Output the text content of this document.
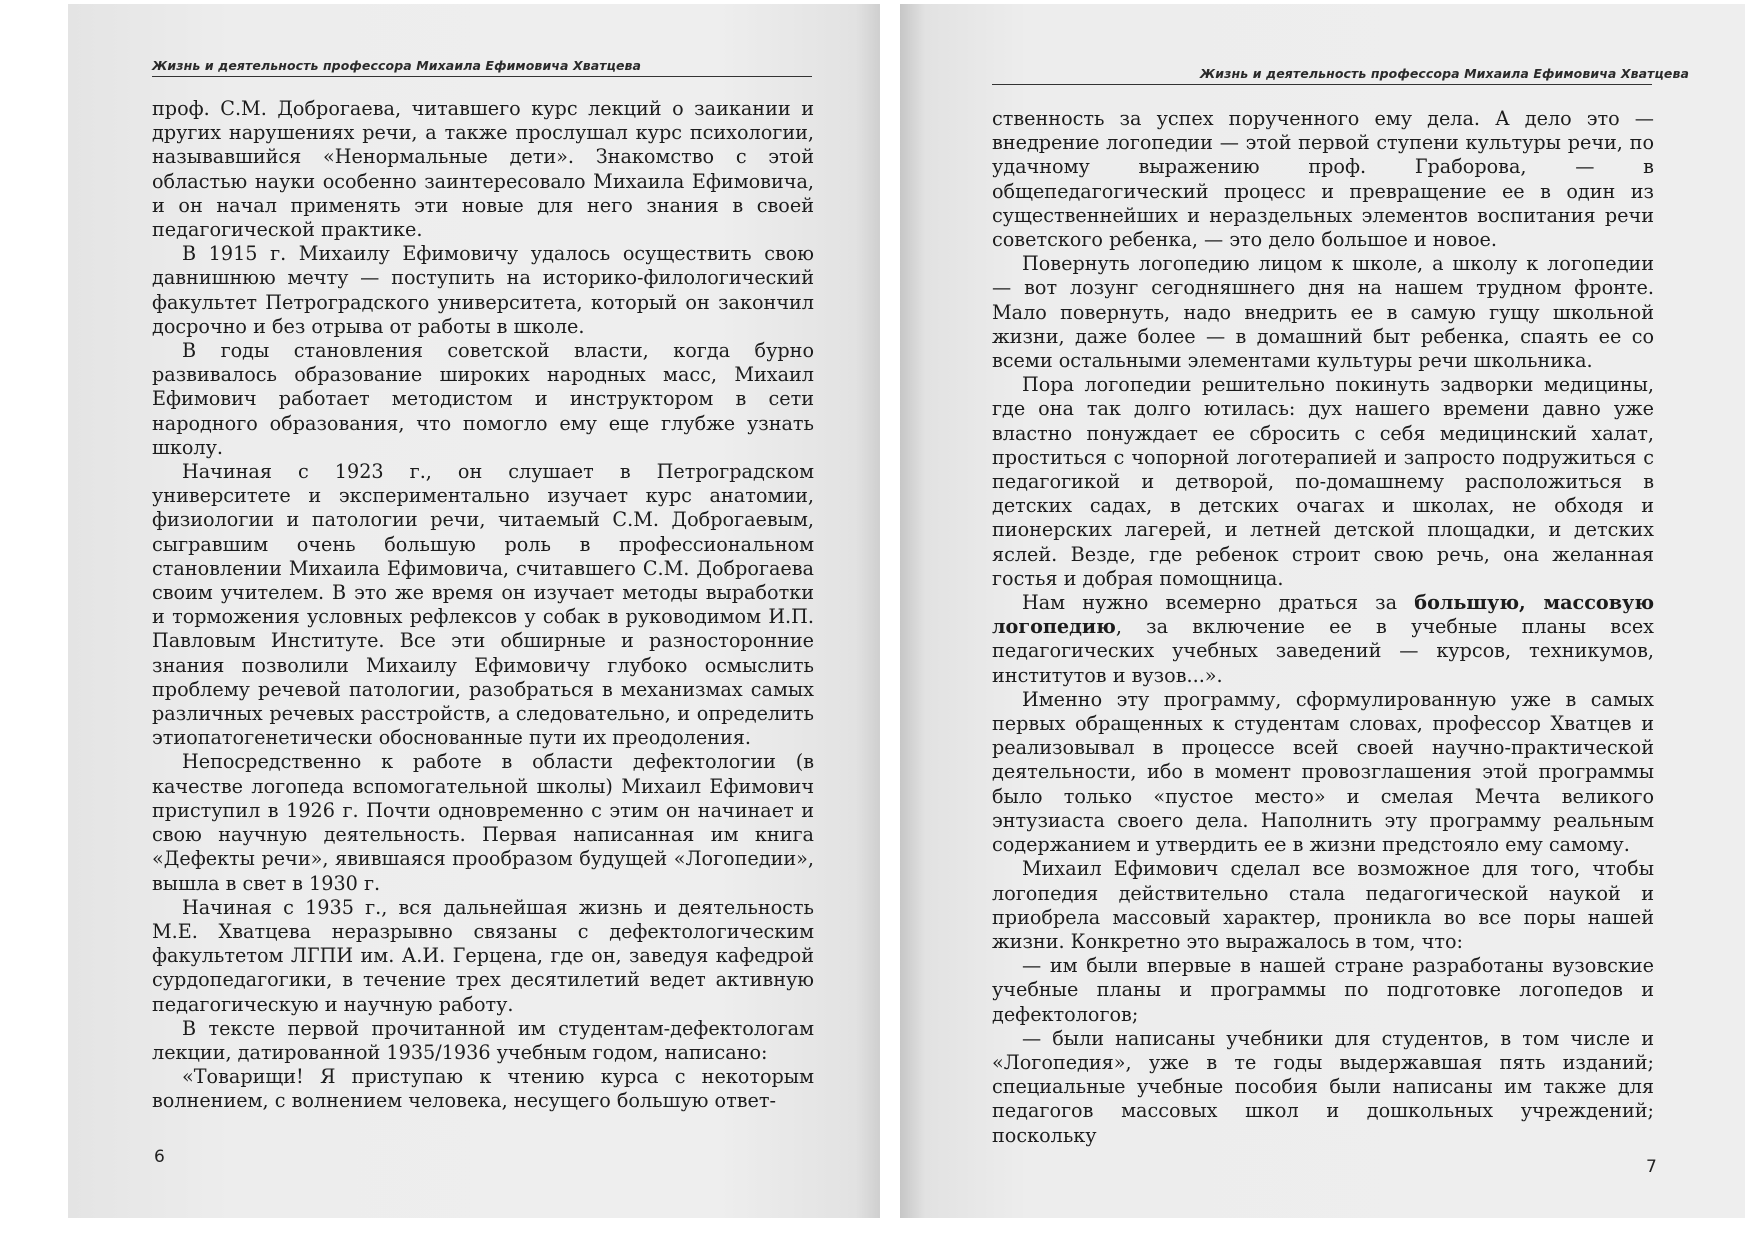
Жизнь и деятельность профессора Михаила Ефимовича Хватцева

проф. С.М. Доброгаева, читавшего курс лекций о заикании и других нарушениях речи, а также прослушал курс психологии, называвшийся «Ненормальные дети». Знакомство с этой областью науки особенно заинтересовало Михаила Ефимовича, и он начал применять эти новые для него знания в своей педагогической практике.

В 1915 г. Михаилу Ефимовичу удалось осуществить свою давнишнюю мечту — поступить на историко-филологический факультет Петроградского университета, который он закончил досрочно и без отрыва от работы в школе.

В годы становления советской власти, когда бурно развивалось образование широких народных масс, Михаил Ефимович работает методистом и инструктором в сети народного образования, что помогло ему еще глубже узнать школу.

Начиная с 1923 г., он слушает в Петроградском университете и экспериментально изучает курс анатомии, физиологии и патологии речи, читаемый С.М. Доброгаевым, сыгравшим очень большую роль в профессиональном становлении Михаила Ефимовича, считавшего С.М. Доброгаева своим учителем. В это же время он изучает методы выработки и торможения условных рефлексов у собак в руководимом И.П. Павловым Институте. Все эти обширные и разносторонние знания позволили Михаилу Ефимовичу глубоко осмыслить проблему речевой патологии, разобраться в механизмах самых различных речевых расстройств, а следовательно, и определить этиопатогенетически обоснованные пути их преодоления.

Непосредственно к работе в области дефектологии (в качестве логопеда вспомогательной школы) Михаил Ефимович приступил в 1926 г. Почти одновременно с этим он начинает и свою научную деятельность. Первая написанная им книга «Дефекты речи», явившаяся прообразом будущей «Логопедии», вышла в свет в 1930 г.

Начиная с 1935 г., вся дальнейшая жизнь и деятельность М.Е. Хватцева неразрывно связаны с дефектологическим факультетом ЛГПИ им. А.И. Герцена, где он, заведуя кафедрой сурдопедагогики, в течение трех десятилетий ведет активную педагогическую и научную работу.

В тексте первой прочитанной им студентам-дефектологам лекции, датированной 1935/1936 учебным годом, написано:

«Товарищи! Я приступаю к чтению курса с некоторым волнением, с волнением человека, несущего большую ответ-

6
Жизнь и деятельность профессора Михаила Ефимовича Хватцева

ственность за успех порученного ему дела. А дело это — внедрение логопедии — этой первой ступени культуры речи, по удачному выражению проф. Граборова, — в общепедагогический процесс и превращение ее в один из существеннейших и нераздельных элементов воспитания речи советского ребенка, — это дело большое и новое.

Повернуть логопедию лицом к школе, а школу к логопедии — вот лозунг сегодняшнего дня на нашем трудном фронте. Мало повернуть, надо внедрить ее в самую гущу школьной жизни, даже более — в домашний быт ребенка, спаять ее со всеми остальными элементами культуры речи школьника.

Пора логопедии решительно покинуть задворки медицины, где она так долго ютилась: дух нашего времени давно уже властно понуждает ее сбросить с себя медицинский халат, проститься с чопорной логотерапией и запросто подружиться с педагогикой и детворой, по-домашнему расположиться в детских садах, в детских очагах и школах, не обходя и пионерских лагерей, и летней детской площадки, и детских яслей. Везде, где ребенок строит свою речь, она желанная гостья и добрая помощница.

Нам нужно всемерно драться за большую, массовую логопедию, за включение ее в учебные планы всех педагогических учебных заведений — курсов, техникумов, институтов и вузов...».

Именно эту программу, сформулированную уже в самых первых обращенных к студентам словах, профессор Хватцев и реализовывал в процессе всей своей научно-практической деятельности, ибо в момент провозглашения этой программы было только «пустое место» и смелая Мечта великого энтузиаста своего дела. Наполнить эту программу реальным содержанием и утвердить ее в жизни предстояло ему самому.

Михаил Ефимович сделал все возможное для того, чтобы логопедия действительно стала педагогической наукой и приобрела массовый характер, проникла во все поры нашей жизни. Конкретно это выражалось в том, что:

— им были впервые в нашей стране разработаны вузовские учебные планы и программы по подготовке логопедов и дефектологов;

— были написаны учебники для студентов, в том числе и «Логопедия», уже в те годы выдержавшая пять изданий; специальные учебные пособия были написаны им также для педагогов массовых школ и дошкольных учреждений; поскольку

7
